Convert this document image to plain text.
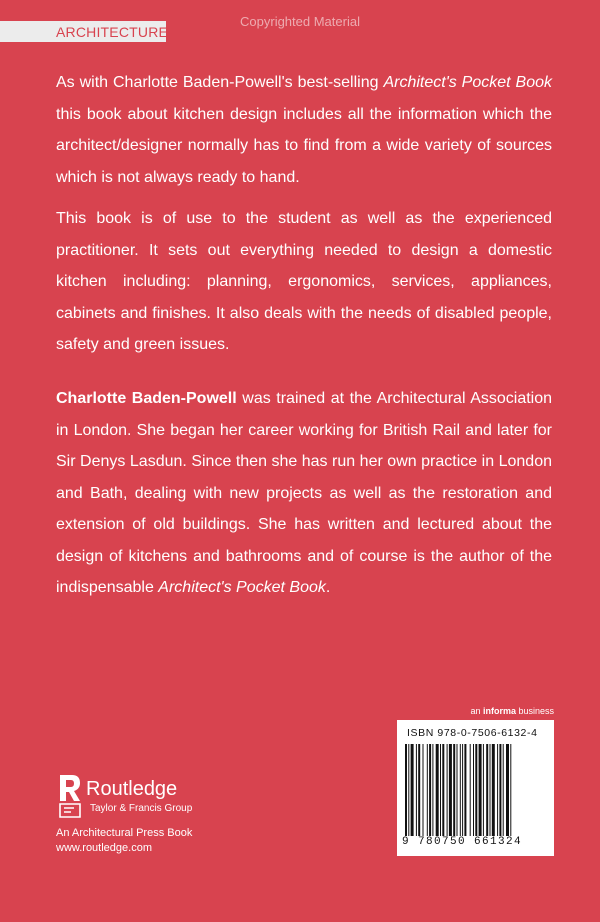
Copyrighted Material
ARCHITECTURE

As with Charlotte Baden-Powell's best-selling Architect's Pocket Book this book about kitchen design includes all the information which the architect/designer normally has to find from a wide variety of sources which is not always ready to hand.

This book is of use to the student as well as the experienced practitioner. It sets out everything needed to design a domestic kitchen including: planning, ergonomics, services, appliances, cabinets and finishes. It also deals with the needs of disabled people, safety and green issues.

Charlotte Baden-Powell was trained at the Architectural Association in London. She began her career working for British Rail and later for Sir Denys Lasdun. Since then she has run her own practice in London and Bath, dealing with new projects as well as the restoration and extension of old buildings. She has written and lectured about the design of kitchens and bathrooms and of course is the author of the indispensable Architect's Pocket Book.

an informa business
ISBN 978-0-7506-6132-4
9 780750 661324
Routledge
Taylor & Francis Group
An Architectural Press Book
www.routledge.com
